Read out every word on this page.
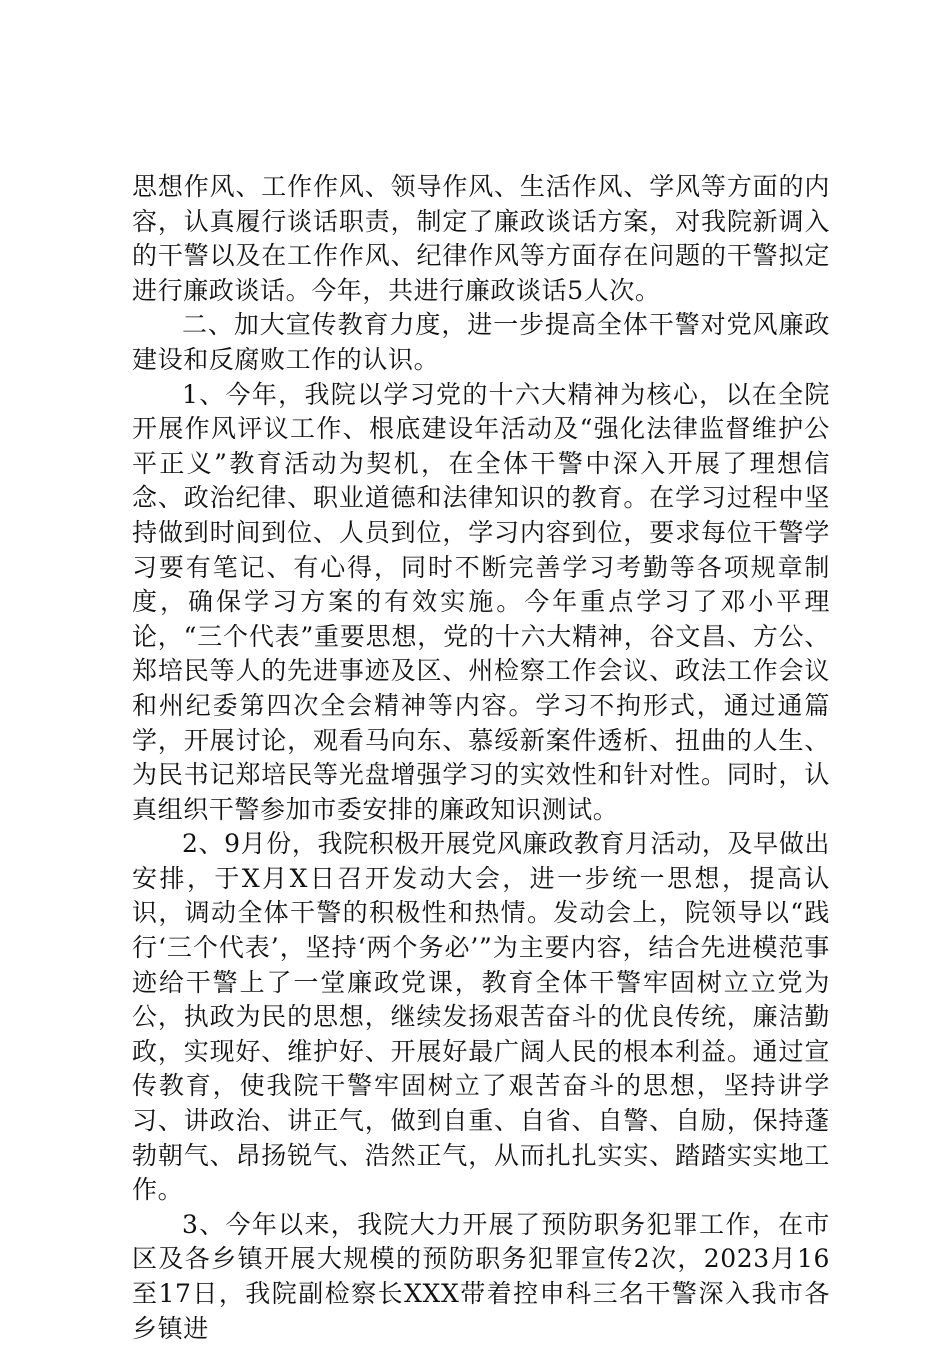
思想作风、工作作风、领导作风、生活作风、学风等方面的内容，认真履行谈话职责，制定了廉政谈话方案，对我院新调入的干警以及在工作作风、纪律作风等方面存在问题的干警拟定进行廉政谈话。今年，共进行廉政谈话5人次。

二、加大宣传教育力度，进一步提高全体干警对党风廉政建设和反腐败工作的认识。

1、今年，我院以学习党的十六大精神为核心，以在全院开展作风评议工作、根底建设年活动及“强化法律监督维护公平正义”教育活动为契机，在全体干警中深入开展了理想信念、政治纪律、职业道德和法律知识的教育。在学习过程中坚持做到时间到位、人员到位，学习内容到位，要求每位干警学习要有笔记、有心得，同时不断完善学习考勤等各项规章制度，确保学习方案的有效实施。今年重点学习了邓小平理论，“三个代表”重要思想，党的十六大精神，谷文昌、方公、郑培民等人的先进事迹及区、州检察工作会议、政法工作会议和州纪委第四次全会精神等内容。学习不拘形式，通过通篇学，开展讨论，观看马向东、慕绥新案件透析、扭曲的人生、为民书记郑培民等光盘增强学习的实效性和针对性。同时，认真组织干警参加市委安排的廉政知识测试。

2、9月份，我院积极开展党风廉政教育月活动，及早做出安排，于X月X日召开发动大会，进一步统一思想，提高认识，调动全体干警的积极性和热情。发动会上，院领导以“践行‘三个代表’，坚持‘两个务必’”为主要内容，结合先进模范事迹给干警上了一堂廉政党课，教育全体干警牢固树立立党为公，执政为民的思想，继续发扬艰苦奋斗的优良传统，廉洁勤政，实现好、维护好、开展好最广阔人民的根本利益。通过宣传教育，使我院干警牢固树立了艰苦奋斗的思想，坚持讲学习、讲政治、讲正气，做到自重、自省、自警、自励，保持蓬勃朝气、昂扬锐气、浩然正气，从而扎扎实实、踏踏实实地工作。

3、今年以来，我院大力开展了预防职务犯罪工作，在市区及各乡镇开展大规模的预防职务犯罪宣传2次，2023月16至17日，我院副检察长XXX带着控申科三名干警深入我市各乡镇进
